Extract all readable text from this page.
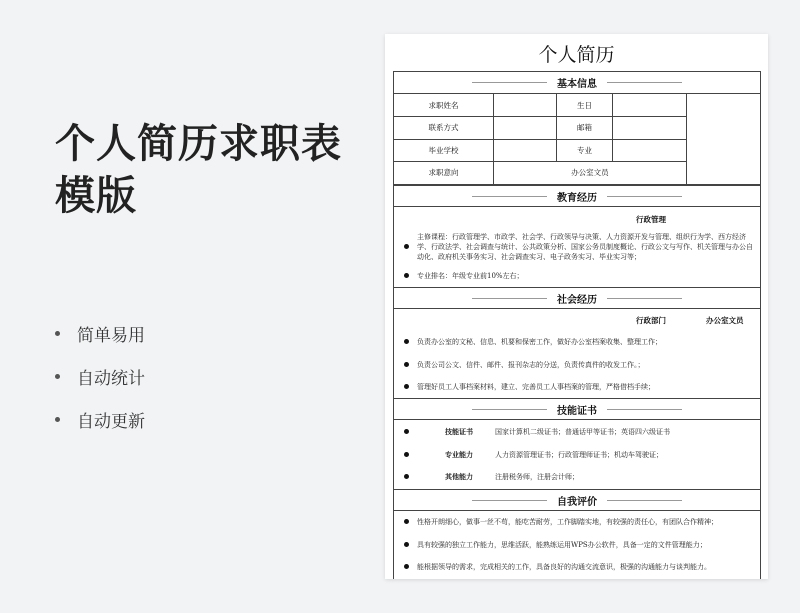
个人简历求职表模版
简单易用
自动统计
自动更新
个人简历
基本信息
求职姓名		生日		
联系方式		邮箱		
毕业学校		专业		
求职意向	办公室文员			
教育经历
行政管理
主修课程：行政管理学、市政学、社会学、行政领导与决策、人力资源开发与管理、组织行为学、西方经济学、行政法学、社会调查与统计、公共政策分析、国家公务员制度概论、行政公文与写作、机关管理与办公自动化、政府机关事务实习、社会调查实习、电子政务实习、毕业实习等；
专业排名：年级专业前10%左右；
社会经历
行政部门	办公室文员
负责办公室的文秘、信息、机要和保密工作，做好办公室档案收集、整理工作；
负责公司公文、信件、邮件、报刊杂志的分送，负责传真件的收发工作。；
管理好员工人事档案材料，建立、完善员工人事档案的管理，严格借档手续；
技能证书
技能证书	国家计算机二级证书；普通话甲等证书；英语四六级证书
专业能力	人力资源管理证书；行政管理师证书；机动车驾驶证；
其他能力	注册税务师，注册会计师；
自我评价
性格开朗细心，做事一丝不苟，能吃苦耐劳，工作脚踏实地，有较强的责任心，有团队合作精神；
具有较强的独立工作能力，思维活跃，能熟练运用WPS办公软件，具备一定的文件管理能力；
能根据领导的需求，完成相关的工作，具备良好的沟通交流意识，极强的沟通能力与谈判能力。
